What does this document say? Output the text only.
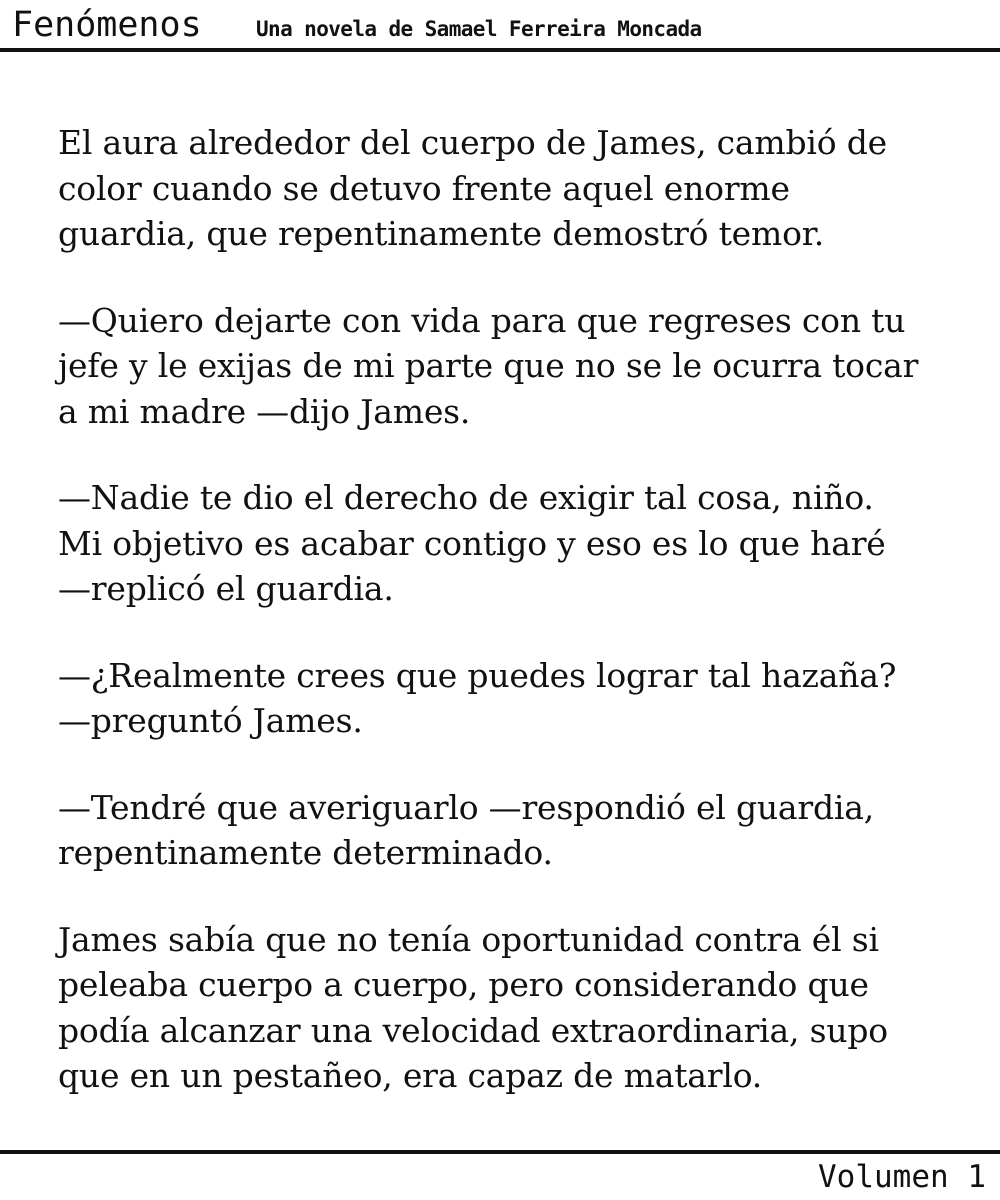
Fenómenos	Una novela de Samael Ferreira Moncada

El aura alrededor del cuerpo de James, cambió de
color cuando se detuvo frente aquel enorme
guardia, que repentinamente demostró temor.

—Quiero dejarte con vida para que regreses con tu
jefe y le exijas de mi parte que no se le ocurra tocar
a mi madre —dijo James.

—Nadie te dio el derecho de exigir tal cosa, niño.
Mi objetivo es acabar contigo y eso es lo que haré
—replicó el guardia.

—¿Realmente crees que puedes lograr tal hazaña?
—preguntó James.

—Tendré que averiguarlo —respondió el guardia,
repentinamente determinado.

James sabía que no tenía oportunidad contra él si
peleaba cuerpo a cuerpo, pero considerando que
podía alcanzar una velocidad extraordinaria, supo
que en un pestañeo, era capaz de matarlo.

Volumen 1
